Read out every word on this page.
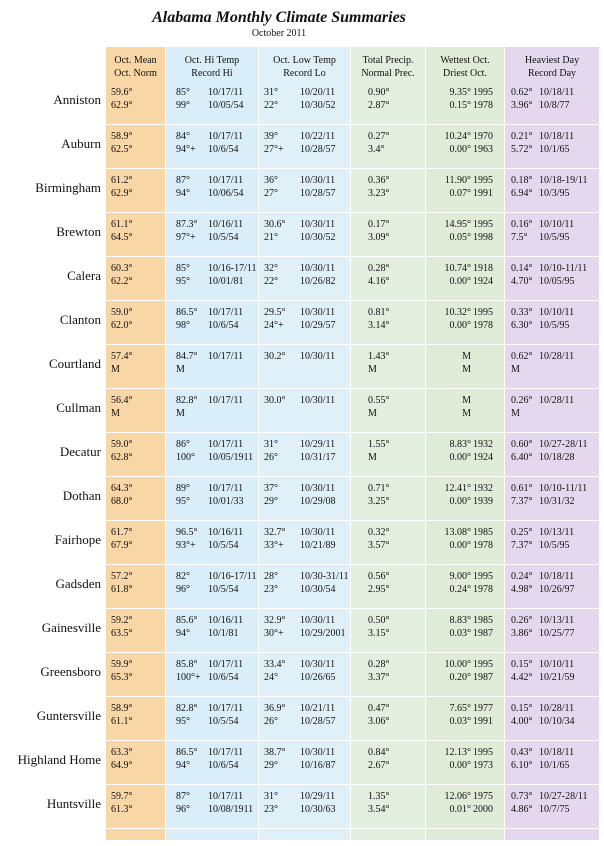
Alabama Monthly Climate Summaries
October 2011
Oct. Mean
Oct. Norm
Oct. Hi Temp
Record Hi
Oct. Low Temp
Record Lo
Total Precip.
Normal Prec.
Wettest Oct.
Driest Oct.
Heaviest Day
Record Day
Anniston 59.6°
62.9°
85°
99°
10/17/11
10/05/54
31°
22°
10/20/11
10/30/52
0.90°
2.87°
9.35°
0.15°
1995
1978
0.62°
3.96°
10/18/11
10/8/77
Auburn 58.9°
62.5°
84°
94°+
10/17/11
10/6/54
39°
27°+
10/22/11
10/28/57
0.27°
3.4°
10.24°
0.00°
1970
1963
0.21°
5.72°
10/18/11
10/1/65
Birmingham 61.2°
62.9°
87°
94°
10/17/11
10/06/54
36°
27°
10/30/11
10/28/57
0.36°
3.23°
11.90°
0.07°
1995
1991
0.18°
6.94°
10/18-19/11
10/3/95
Brewton 61.1°
64.5°
87.3°
97°+
10/16/11
10/5/54
30.6°
21°
10/30/11
10/30/52
0.17°
3.09°
14.95°
0.05°
1995
1998
0.16°
7.5°
10/10/11
10/5/95
Calera 60.3°
62.2°
85°
95°
10/16-17/11
10/01/81
32°
22°
10/30/11
10/26/82
0.28°
4.16°
10.74°
0.00°
1918
1924
0.14°
4.70°
10/10-11/11
10/05/95
Clanton 59.0°
62.0°
86.5°
98°
10/17/11
10/6/54
29.5°
24°+
10/30/11
10/29/57
0.81°
3.14°
10.32°
0.00°
1995
1978
0.33°
6.30°
10/10/11
10/5/95
Courtland 57.4°
M
84.7°
M
10/17/11 30.2° 10/30/11	1.43°
M
M
M
0.62°
M
10/28/11
Cullman 56.4°
M
82.8°
M
10/17/11 30.0° 10/30/11	0.55°
M
M
M
0.26°
M
10/28/11
Decatur 59.0°
62.8°
86°
100°
10/17/11
10/05/1911
31°
26°
10/29/11
10/31/17
1.55°
M
8.83°
0.00°
1932
1924
0.60°
6.40°
10/27-28/11
10/18/28
Dothan 64.3°
68.0°
89°
95°
10/17/11
10/01/33
37°
29°
10/30/11
10/29/08
0.71°
3.25°
12.41°
0.00°
1932
1939
0.61°
7.37°
10/10-11/11
10/31/32
Fairhope 61.7°
67.9°
96.5°
93°+
10/16/11
10/5/54
32.7°
33°+
10/30/11
10/21/89
0.32°
3.57°
13.08°
0.00°
1985
1978
0.25°
7.37°
10/13/11
10/5/95
Gadsden 57.2°
61.8°
82°
96°
10/16-17/11
10/5/54
28°
23°
10/30-31/11
10/30/54
0.56°
2.95°
9.00°
0.24°
1995
1978
0.24°
4.98°
10/18/11
10/26/97
Gainesville 59.2°
63.5°
85.6°
94°
10/16/11
10/1/81
32.9°
30°+
10/30/11
10/29/2001
0.50°
3.15°
8.83°
0.03°
1985
1987
0.26°
3.86°
10/13/11
10/25/77
Greensboro 59.9°
65.3°
85.8°
100°+
10/17/11
10/6/54
33.4°
24°
10/30/11
10/26/65
0.28°
3.37°
10.00°
0.20°
1995
1987
0.15°
4.42°
10/10/11
10/21/59
Guntersville 58.9°
61.1°
82.8°
95°
10/17/11
10/5/54
36.9°
26°
10/21/11
10/28/57
0.47°
3.06°
7.65°
0.03°
1977
1991
0.15°
4.00°
10/28/11
10/10/34
Highland Home 63.3°
64.9°
86.5°
94°
10/17/11
10/6/54
38.7°
29°
10/30/11
10/16/87
0.84°
2.67°
12.13°
0.00°
1995
1973
0.43°
6.10°
10/18/11
10/1/65
Huntsville 59.7°
61.3°
87°
96°
10/17/11
10/08/1911
31°
23°
10/29/11
10/30/63
1.35°
3.54°
12.06°
0.01°
1975
2000
0.73°
4.86°
10/27-28/11
10/7/75
